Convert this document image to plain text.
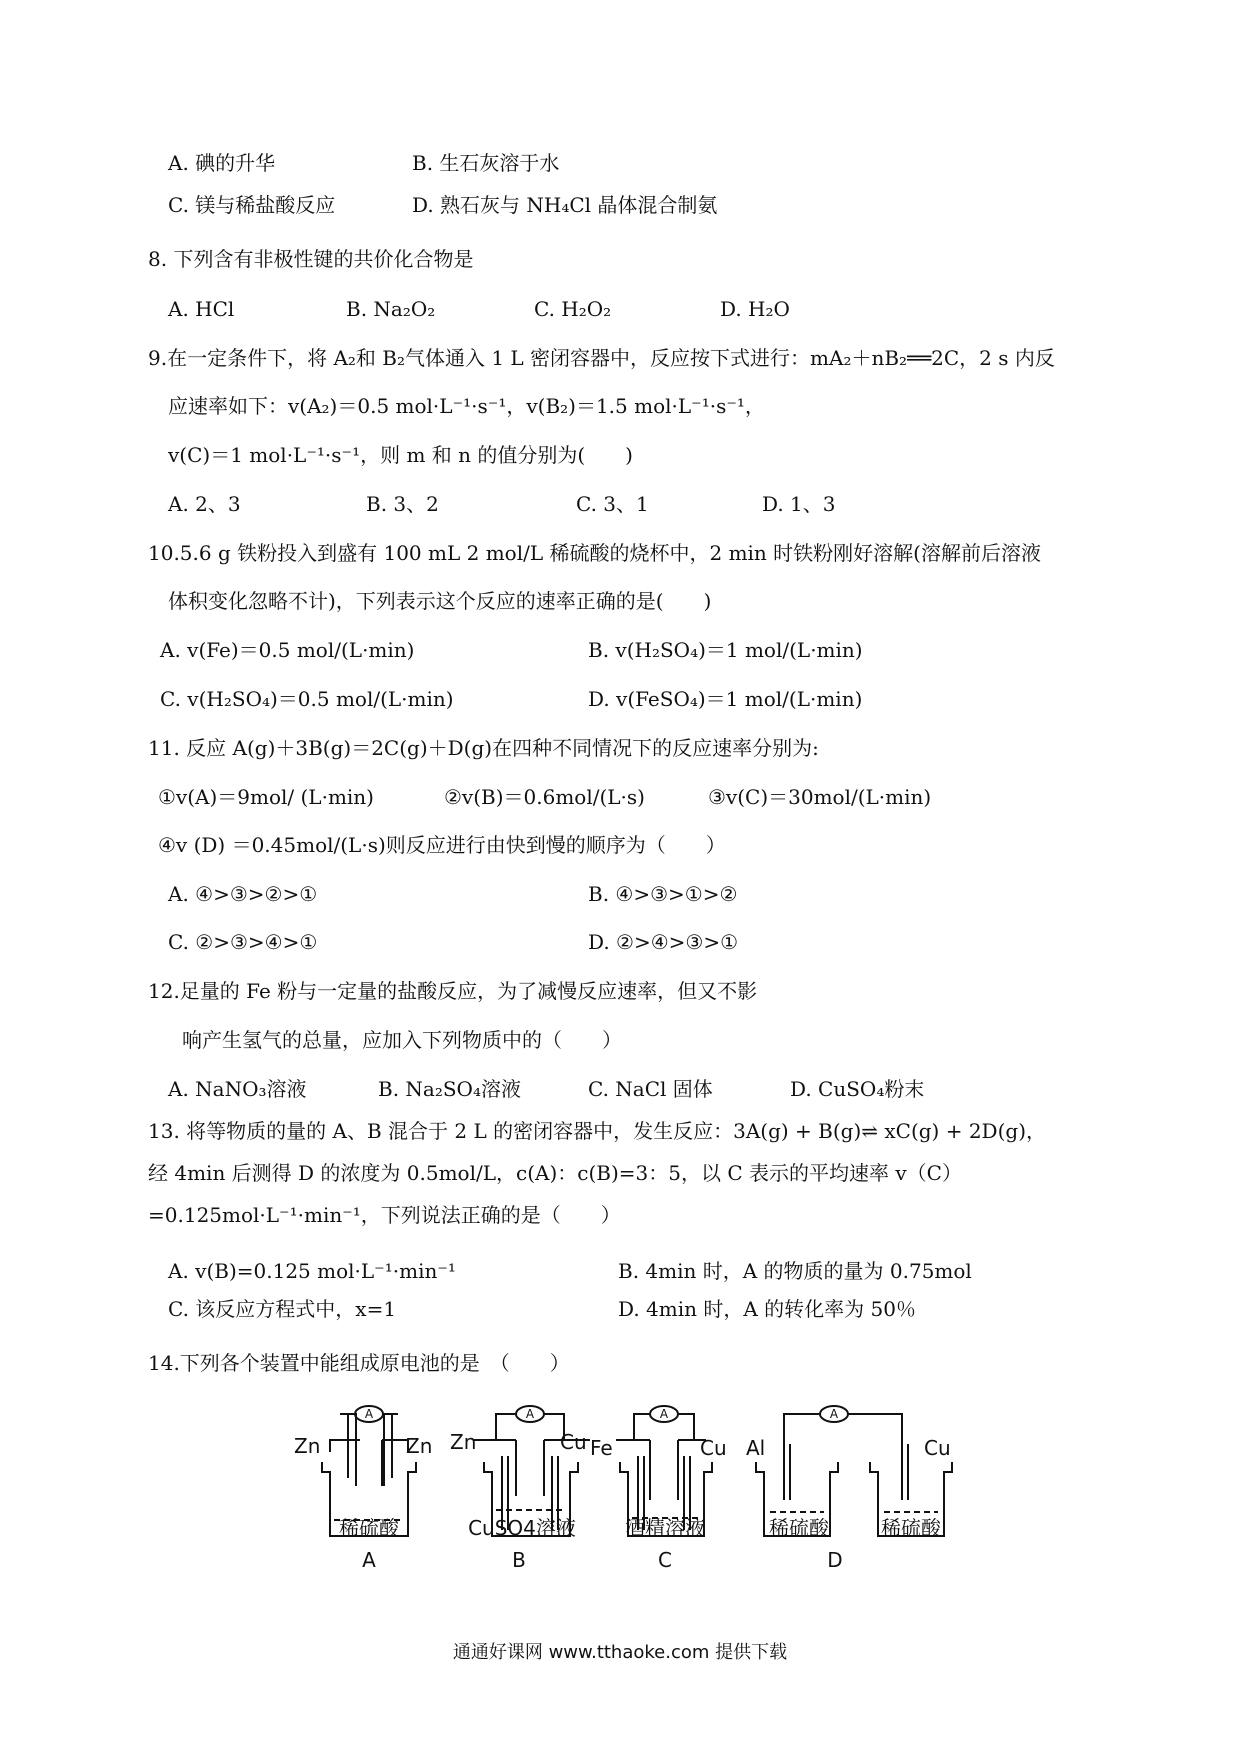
A. 碘的升华	B. 生石灰溶于水
C. 镁与稀盐酸反应	D. 熟石灰与 NH₄Cl 晶体混合制氨
8. 下列含有非极性键的共价化合物是
A. HCl	B. Na₂O₂	C. H₂O₂	D. H₂O
9.在一定条件下，将 A₂和 B₂气体通入 1 L 密闭容器中，反应按下式进行：mA₂＋nB₂══2C，2 s 内反
应速率如下：v(A₂)＝0.5 mol·L⁻¹·s⁻¹，v(B₂)＝1.5 mol·L⁻¹·s⁻¹，
v(C)＝1 mol·L⁻¹·s⁻¹，则 m 和 n 的值分别为(　　)
A. 2、3	B. 3、2	C. 3、1	D. 1、3
10.5.6 g 铁粉投入到盛有 100 mL 2 mol/L 稀硫酸的烧杯中，2 min 时铁粉刚好溶解(溶解前后溶液
体积变化忽略不计)，下列表示这个反应的速率正确的是(　　)
A. v(Fe)＝0.5 mol/(L·min)	B. v(H₂SO₄)＝1 mol/(L·min)
C. v(H₂SO₄)＝0.5 mol/(L·min)	D. v(FeSO₄)＝1 mol/(L·min)
11. 反应 A(g)＋3B(g)＝2C(g)＋D(g)在四种不同情况下的反应速率分别为:
①v(A)＝9mol/ (L·min)	②v(B)＝0.6mol/(L·s)	③v(C)＝30mol/(L·min)
④v (D) ＝0.45mol/(L·s)则反应进行由快到慢的顺序为（　　）
A. ④>③>②>①	B. ④>③>①>②
C. ②>③>④>①	D. ②>④>③>①
12.足量的 Fe 粉与一定量的盐酸反应，为了减慢反应速率，但又不影
响产生氢气的总量，应加入下列物质中的（　　）
A. NaNO₃溶液	B. Na₂SO₄溶液	C. NaCl 固体	D. CuSO₄粉末
13. 将等物质的量的 A、B 混合于 2 L 的密闭容器中，发生反应：3A(g) + B(g)⇌ xC(g) + 2D(g)，
经 4min 后测得 D 的浓度为 0.5mol/L，c(A)：c(B)=3：5，以 C 表示的平均速率 v（C）
=0.125mol·L⁻¹·min⁻¹，下列说法正确的是（　　）
A. v(B)=0.125 mol·L⁻¹·min⁻¹	B. 4min 时，A 的物质的量为 0.75mol
C. 该反应方程式中，x=1	D. 4min 时，A 的转化率为 50％
14.下列各个装置中能组成原电池的是　（　　）
A	A	A	A
Zn	Zn Zn	Cu Fe	Cu Al	Cu
稀硫酸	CuSO4溶液	酒精溶液	稀硫酸	稀硫酸
A	B	C	D
通通好课网 www.tthaoke.com 提供下载
